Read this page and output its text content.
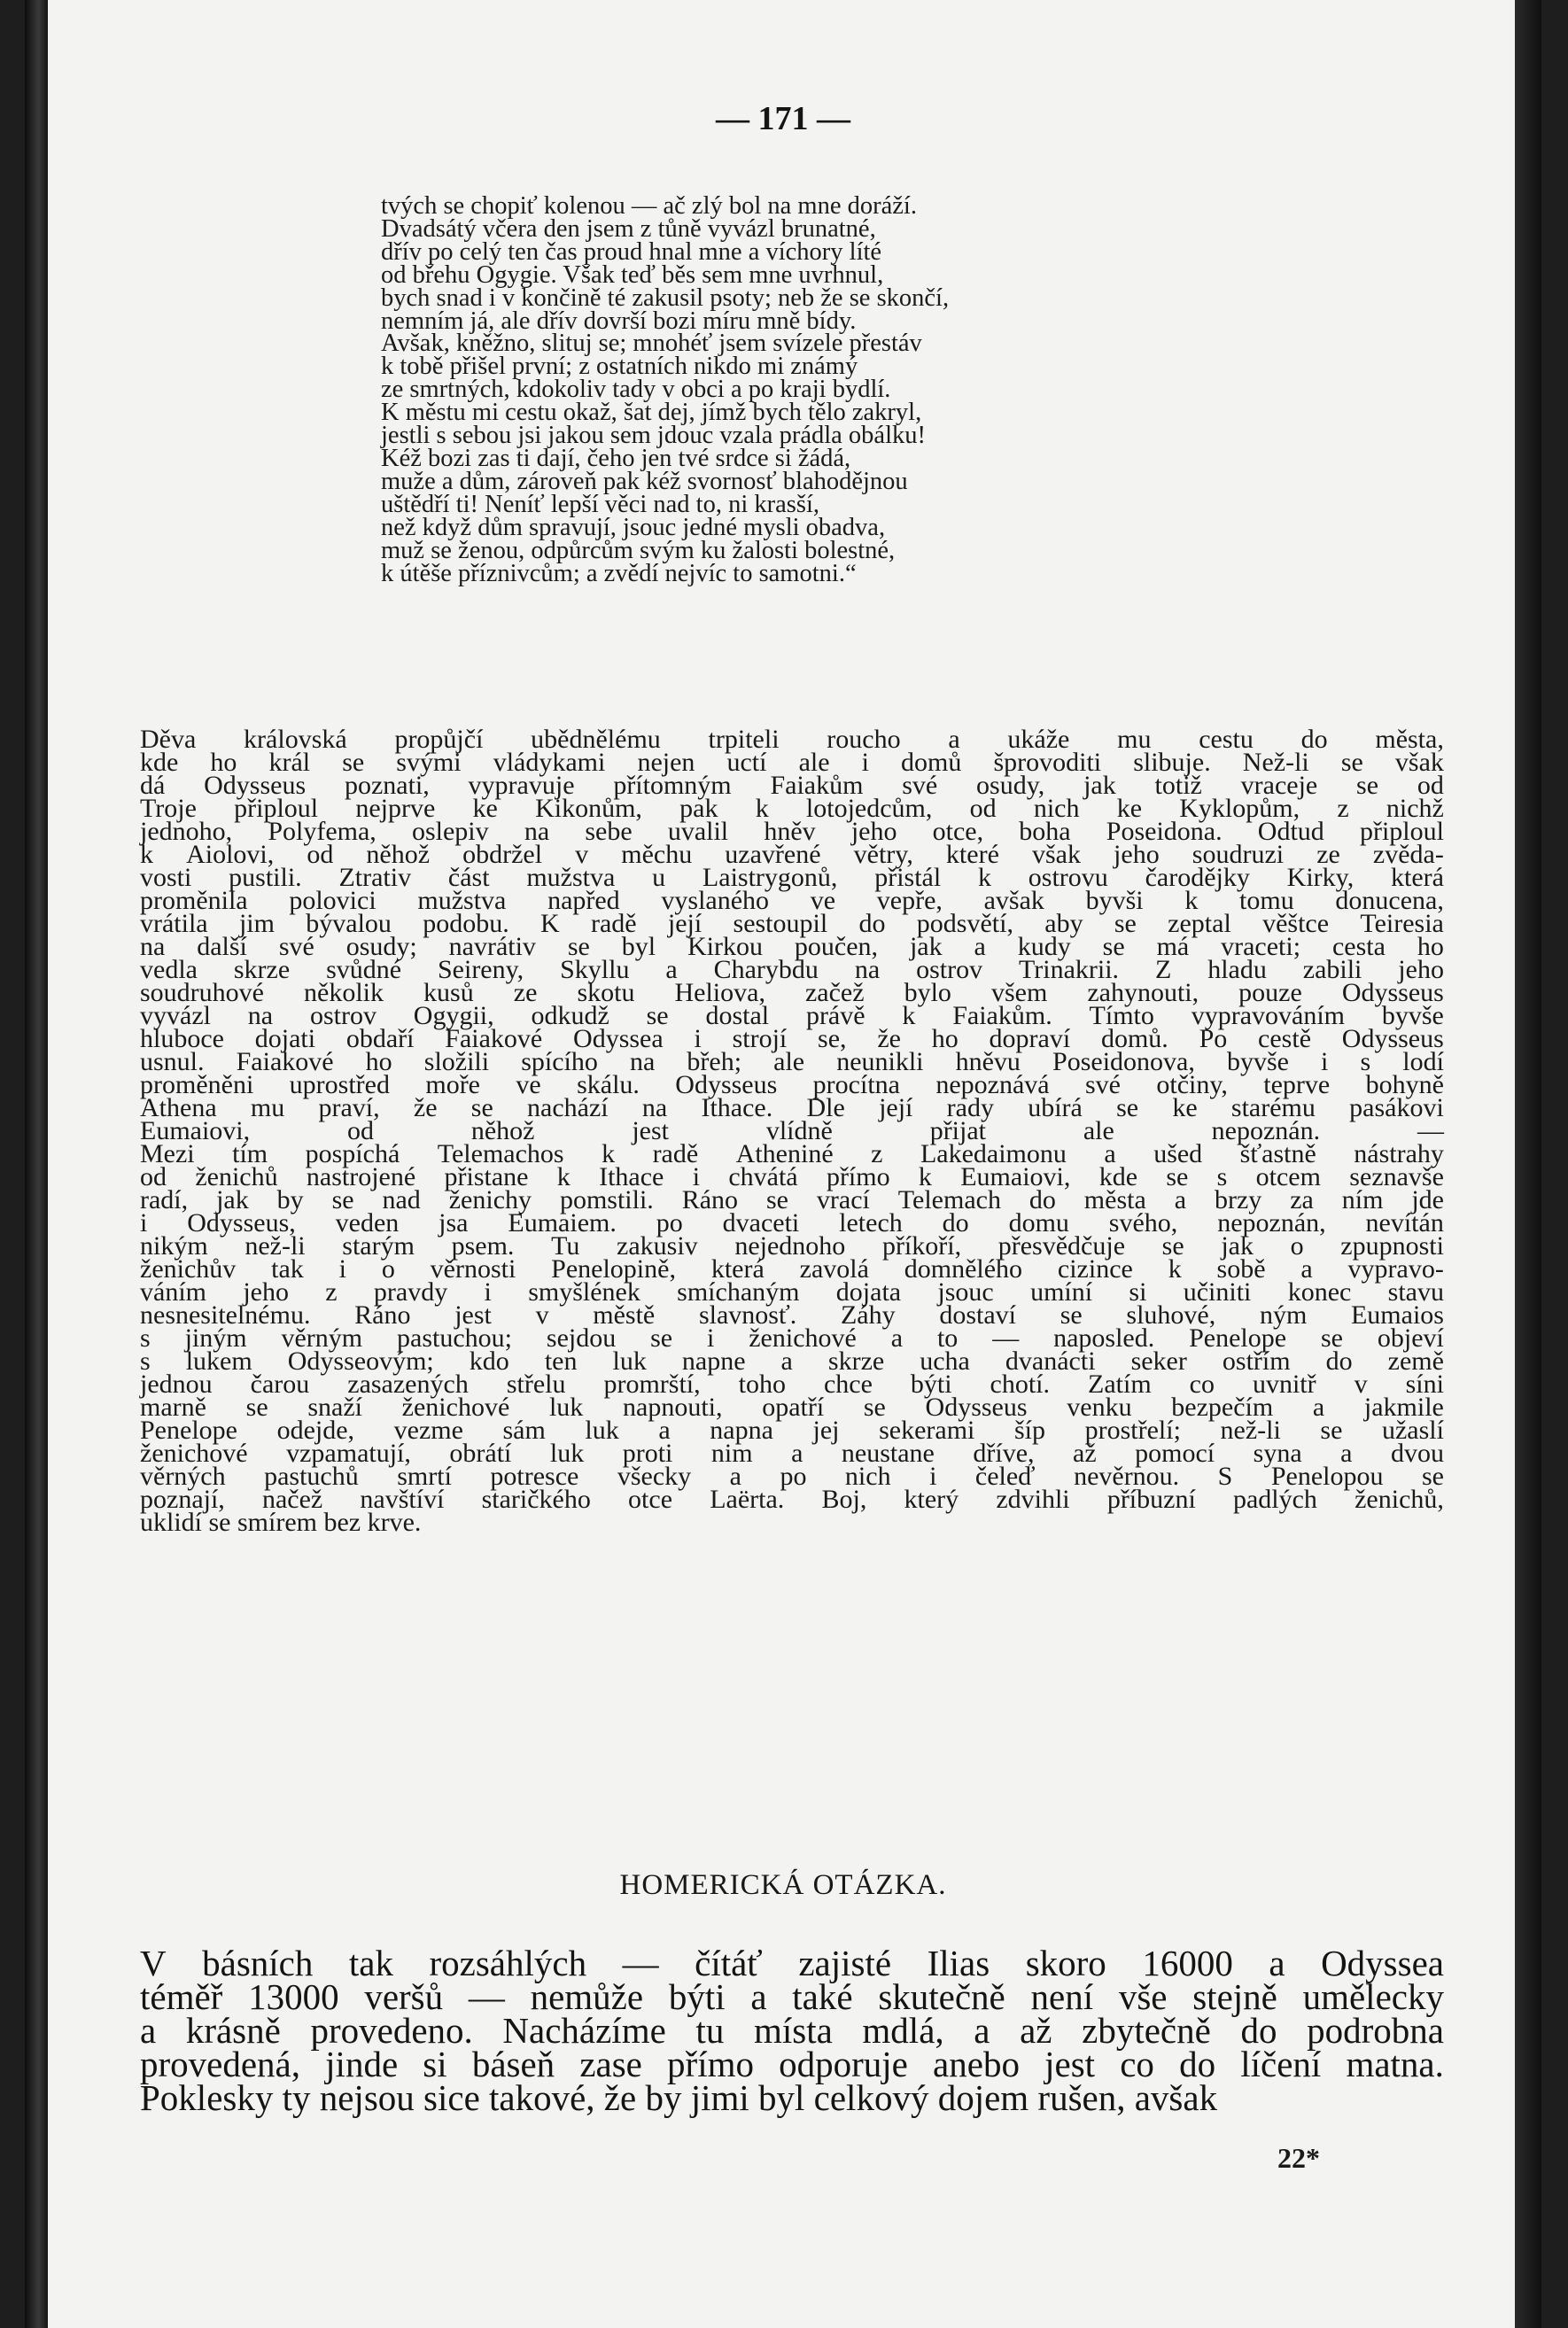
— 171 —
tvých se chopiť kolenou — ač zlý bol na mne doráží.
Dvadsátý včera den jsem z tůně vyvázl brunatné,
dřív po celý ten čas proud hnal mne a víchory líté
od břehu Ogygie. Však teď běs sem mne uvrhnul,
bych snad i v končině té zakusil psoty; neb že se skončí,
nemním já, ale dřív dovrší bozi míru mně bídy.
Avšak, kněžno, slituj se; mnohéť jsem svízele přestáv
k tobě přišel první; z ostatních nikdo mi známý
ze smrtných, kdokoliv tady v obci a po kraji bydlí.
K městu mi cestu okaž, šat dej, jímž bych tělo zakryl,
jestli s sebou jsi jakou sem jdouc vzala prádla obálku!
Kéž bozi zas ti dají, čeho jen tvé srdce si žádá,
muže a dům, zároveň pak kéž svornosť blahodějnou
uštědří ti! Neníť lepší věci nad to, ni krasší,
než když dům spravují, jsouc jedné mysli obadva,
muž se ženou, odpůrcům svým ku žalosti bolestné,
k útěše příznivcům; a zvědí nejvíc to samotni.“
Děva královská propůjčí ubědnělému trpiteli roucho a ukáže mu cestu do města,
kde ho král se svými vládykami nejen uctí ale i domů šprovoditi slibuje. Než-li se však
dá Odysseus poznati, vypravuje přítomným Faiakům své osudy, jak totiž vraceje se od
Troje připloul nejprve ke Kikonům, pak k lotojedcům, od nich ke Kyklopům, z nichž
jednoho, Polyfema, oslepiv na sebe uvalil hněv jeho otce, boha Poseidona. Odtud připloul
k Aiolovi, od něhož obdržel v měchu uzavřené větry, které však jeho soudruzi ze zvěda-
vosti pustili. Ztrativ část mužstva u Laistrygonů, přistál k ostrovu čarodějky Kirky, která
proměnila polovici mužstva napřed vyslaného ve vepře, avšak byvši k tomu donucena,
vrátila jim bývalou podobu. K radě její sestoupil do podsvětí, aby se zeptal věštce Teiresia
na další své osudy; navrátiv se byl Kirkou poučen, jak a kudy se má vraceti; cesta ho
vedla skrze svůdné Seireny, Skyllu a Charybdu na ostrov Trinakrii. Z hladu zabili jeho
soudruhové několik kusů ze skotu Heliova, začež bylo všem zahynouti, pouze Odysseus
vyvázl na ostrov Ogygii, odkudž se dostal právě k Faiakům. Tímto vypravováním byvše
hluboce dojati obdaří Faiakové Odyssea i strojí se, že ho dopraví domů. Po cestě Odysseus
usnul. Faiakové ho složili spícího na břeh; ale neunikli hněvu Poseidonova, byvše i s lodí
proměněni uprostřed moře ve skálu. Odysseus procítna nepoznává své otčiny, teprve bohyně
Athena mu praví, že se nachází na Ithace. Dle její rady ubírá se ke starému pasákovi
Eumaiovi,	od	něhož	jest	vlídně	přijat	ale	nepoznán.	—
Mezi tím pospíchá Telemachos k radě Atheniné z Lakedaimonu a ušed šťastně nástrahy
od ženichů nastrojené přistane k Ithace i chvátá přímo k Eumaiovi, kde se s otcem seznavše
radí, jak by se nad ženichy pomstili. Ráno se vrací Telemach do města a brzy za ním jde
i Odysseus, veden jsa Eumaiem. po dvaceti letech do domu svého, nepoznán, nevítán
nikým než-li starým psem. Tu zakusiv nejednoho příkoří, přesvědčuje se jak o zpupnosti
ženichův tak i o věrnosti Penelopině, která zavolá domnělého cizince k sobě a vypravo-
váním jeho z pravdy i smyšlének smíchaným dojata jsouc umíní si učiniti konec stavu
nesnesitelnému. Ráno jest v městě slavnosť. Záhy dostaví se sluhové, ným Eumaios
s jiným věrným pastuchou; sejdou se i ženichové a to — naposled. Penelope se objeví
s lukem Odysseovým; kdo ten luk napne a skrze ucha dvanácti seker ostřím do země
jednou čarou zasazených střelu promrští, toho chce býti chotí. Zatím co uvnitř v síni
marně se snaží ženichové luk napnouti, opatří se Odysseus venku bezpečím a jakmile
Penelope odejde, vezme sám luk a napna jej sekerami šíp prostřelí; než-li se užaslí
ženichové vzpamatují, obrátí luk proti nim a neustane dříve, až pomocí syna a dvou
věrných pastuchů smrtí potresce všecky a po nich i čeleď nevěrnou. S Penelopou se
poznají, načež navštíví staričkého otce Laërta. Boj, který zdvihli příbuzní padlých ženichů,
uklidí se smírem bez krve.
HOMERICKÁ OTÁZKA.
V básních tak rozsáhlých — čítáť zajisté Ilias skoro 16000 a Odyssea
téměř 13000 veršů — nemůže býti a také skutečně není vše stejně umělecky
a krásně provedeno. Nacházíme tu místa mdlá, a až zbytečně do podrobna
provedená, jinde si báseň zase přímo odporuje anebo jest co do líčení matna.
Poklesky ty nejsou sice takové, že by jimi byl celkový dojem rušen, avšak
22*
